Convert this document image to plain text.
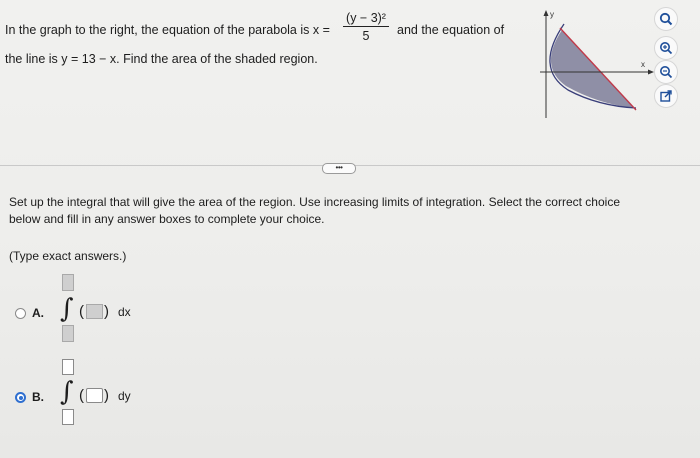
In the graph to the right, the equation of the parabola is x =
(y − 3)²
5	and the equation of
the line is y = 13 − x. Find the area of the shaded region.
y
x
•••
Set up the integral that will give the area of the region. Use increasing limits of integration. Select the correct choice
below and fill in any answer boxes to complete your choice.
(Type exact answers.)
A. ∫ ( ) dx
B. ∫ ( ) dy
